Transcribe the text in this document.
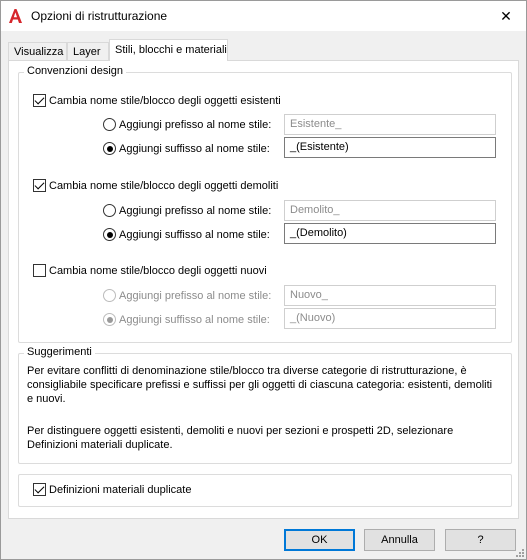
Opzioni di ristrutturazione	✕
Visualizza Layer	Stili, blocchi e materiali
Convenzioni design
Cambia nome stile/blocco degli oggetti esistenti
Aggiungi prefisso al nome stile:	Esistente_
Aggiungi suffisso al nome stile:	_(Esistente)
Cambia nome stile/blocco degli oggetti demoliti
Aggiungi prefisso al nome stile:	Demolito_
Aggiungi suffisso al nome stile:	_(Demolito)
Cambia nome stile/blocco degli oggetti nuovi
Aggiungi prefisso al nome stile:	Nuovo_
Aggiungi suffisso al nome stile:	_(Nuovo)
Suggerimenti
Per evitare conflitti di denominazione stile/blocco tra diverse categorie di ristrutturazione, è consigliabile specificare prefissi e suffissi per gli oggetti di ciascuna categoria: esistenti, demoliti e nuovi.
Per distinguere oggetti esistenti, demoliti e nuovi per sezioni e prospetti 2D, selezionare Definizioni materiali duplicate.
Definizioni materiali duplicate
OK	Annulla	?
